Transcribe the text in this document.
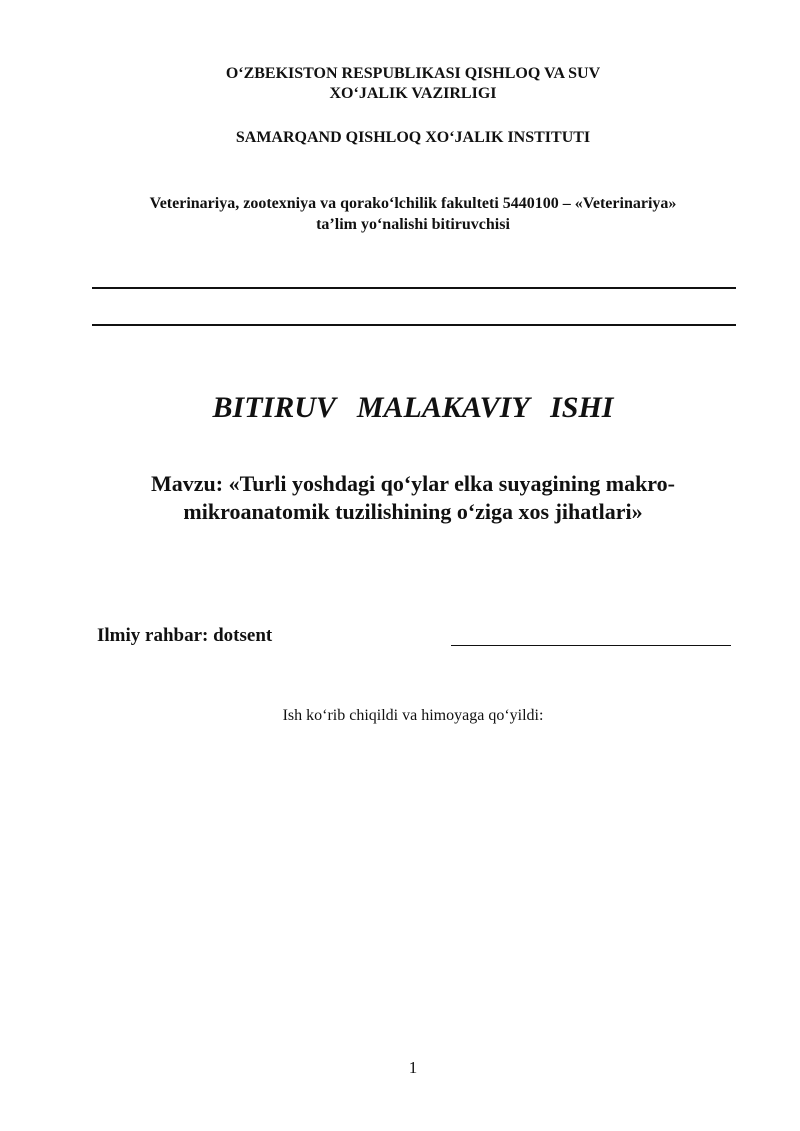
O‘ZBEKISTON RESPUBLIKASI QISHLOQ VA SUV
XO‘JALIK VAZIRLIGI

SAMARQAND QISHLOQ XO‘JALIK INSTITUTI

Veterinariya, zootexniya va qorako‘lchilik fakulteti 5440100 – «Veterinariya»
ta’lim yo‘nalishi bitiruvchisi

BITIRUV MALAKAVIY ISHI

Mavzu: «Turli yoshdagi qo‘ylar elka suyagining makro-
mikroanatomik tuzilishining o‘ziga xos jihatlari»

Ilmiy rahbar: dotsent
Ish ko‘rib chiqildi va himoyaga qo‘yildi:
1
